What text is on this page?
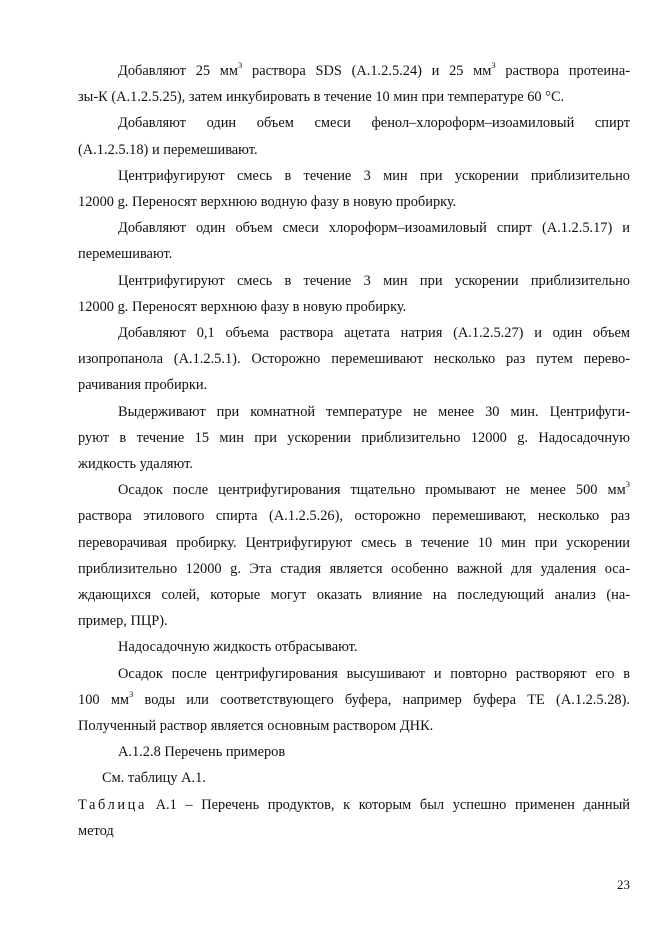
Добавляют 25 $мм^3$ раствора SDS (А.1.2.5.24) и 25 $мм^3$ раствора протеина-
зы-К (А.1.2.5.25), затем инкубировать в течение 10 мин при температуре 60 °С.

Добавляют один объем смеси фенол–хлороформ–изоамиловый спирт
(А.1.2.5.18) и перемешивают.

Центрифугируют смесь в течение 3 мин при ускорении приблизительно
12000 g. Переносят верхнюю водную фазу в новую пробирку.

Добавляют один объем смеси хлороформ–изоамиловый спирт (А.1.2.5.17) и
перемешивают.

Центрифугируют смесь в течение 3 мин при ускорении приблизительно
12000 g. Переносят верхнюю фазу в новую пробирку.

Добавляют 0,1 объема раствора ацетата натрия (А.1.2.5.27) и один объем
изопропанола (А.1.2.5.1). Осторожно перемешивают несколько раз путем перево-
рачивания пробирки.

Выдерживают при комнатной температуре не менее 30 мин. Центрифуги-
руют в течение 15 мин при ускорении приблизительно 12000 g. Надосадочную
жидкость удаляют.

Осадок после центрифугирования тщательно промывают не менее 500 $мм^3$
раствора этилового спирта (А.1.2.5.26), осторожно перемешивают, несколько раз
переворачивая пробирку. Центрифугируют смесь в течение 10 мин при ускорении
приблизительно 12000 g. Эта стадия является особенно важной для удаления оса-
ждающихся солей, которые могут оказать влияние на последующий анализ (на-
пример, ПЦР).

Надосадочную жидкость отбрасывают.

Осадок после центрифугирования высушивают и повторно растворяют его в
100 $мм^3$ воды или соответствующего буфера, например буфера ТЕ (А.1.2.5.28).
Полученный раствор является основным раствором ДНК.

А.1.2.8 Перечень примеров

См. таблицу А.1.

Таблица А.1 – Перечень продуктов, к которым был успешно применен данный
метод

23
